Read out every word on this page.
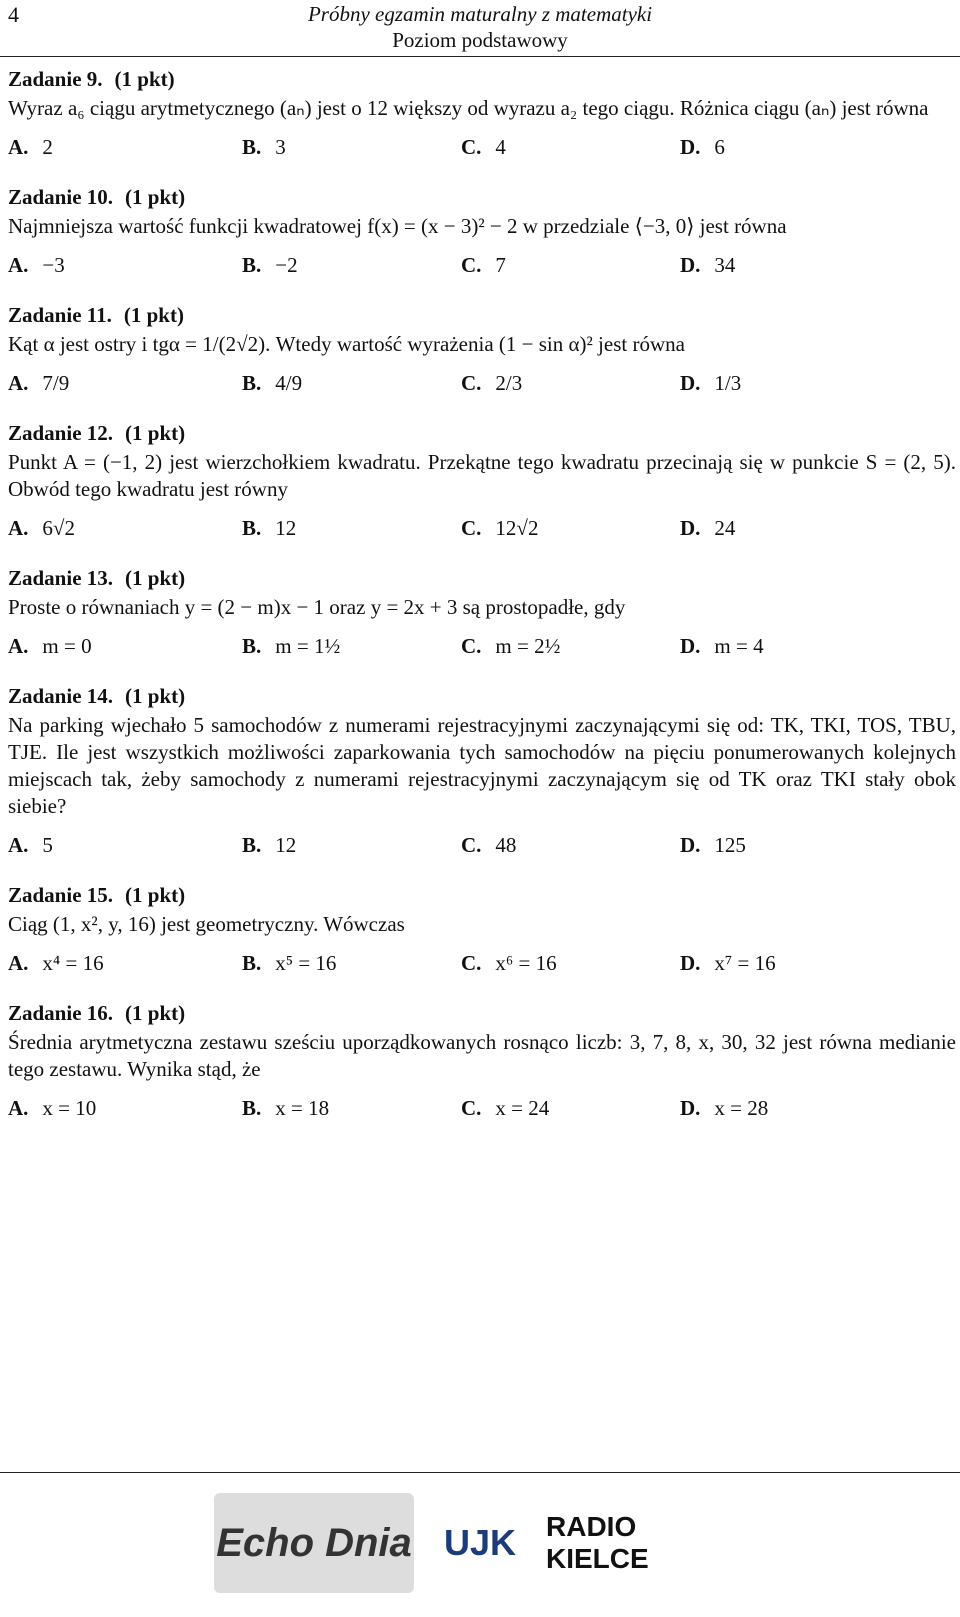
4	Próbny egzamin maturalny z matematyki
Poziom podstawowy
Zadanie 9. (1 pkt)

Wyraz a₆ ciągu arytmetycznego (aₙ) jest o 12 większy od wyrazu a₂ tego ciągu. Różnica ciągu (aₙ) jest równa

A. 2	B. 3	C. 4	D. 6
Zadanie 10. (1 pkt)

Najmniejsza wartość funkcji kwadratowej f(x) = (x − 3)² − 2 w przedziale ⟨−3, 0⟩ jest równa

A. −3	B. −2	C. 7	D. 34
Zadanie 11. (1 pkt)

Kąt α jest ostry i tgα = 1/(2√2). Wtedy wartość wyrażenia (1 − sin α)² jest równa

A. 7/9	B. 4/9	C. 2/3	D. 1/3
Zadanie 12. (1 pkt)

Punkt A = (−1, 2) jest wierzchołkiem kwadratu. Przekątne tego kwadratu przecinają się w punkcie S = (2, 5). Obwód tego kwadratu jest równy

A. 6√2	B. 12	C. 12√2	D. 24
Zadanie 13. (1 pkt)

Proste o równaniach y = (2 − m)x − 1 oraz y = 2x + 3 są prostopadłe, gdy

A. m = 0	B. m = 1½	C. m = 2½	D. m = 4
Zadanie 14. (1 pkt)

Na parking wjechało 5 samochodów z numerami rejestracyjnymi zaczynającymi się od: TK, TKI, TOS, TBU, TJE. Ile jest wszystkich możliwości zaparkowania tych samochodów na pięciu ponumerowanych kolejnych miejscach tak, żeby samochody z numerami rejestracyjnymi zaczynającym się od TK oraz TKI stały obok siebie?

A. 5	B. 12	C. 48	D. 125
Zadanie 15. (1 pkt)

Ciąg (1, x², y, 16) jest geometryczny. Wówczas

A. x⁴ = 16	B. x⁵ = 16	C. x⁶ = 16	D. x⁷ = 16
Zadanie 16. (1 pkt)

Średnia arytmetyczna zestawu sześciu uporządkowanych rosnąco liczb: 3, 7, 8, x, 30, 32 jest równa medianie tego zestawu. Wynika stąd, że

A. x = 10	B. x = 18	C. x = 24	D. x = 28
Echo Dnia UJK	RADIO KIELCE
